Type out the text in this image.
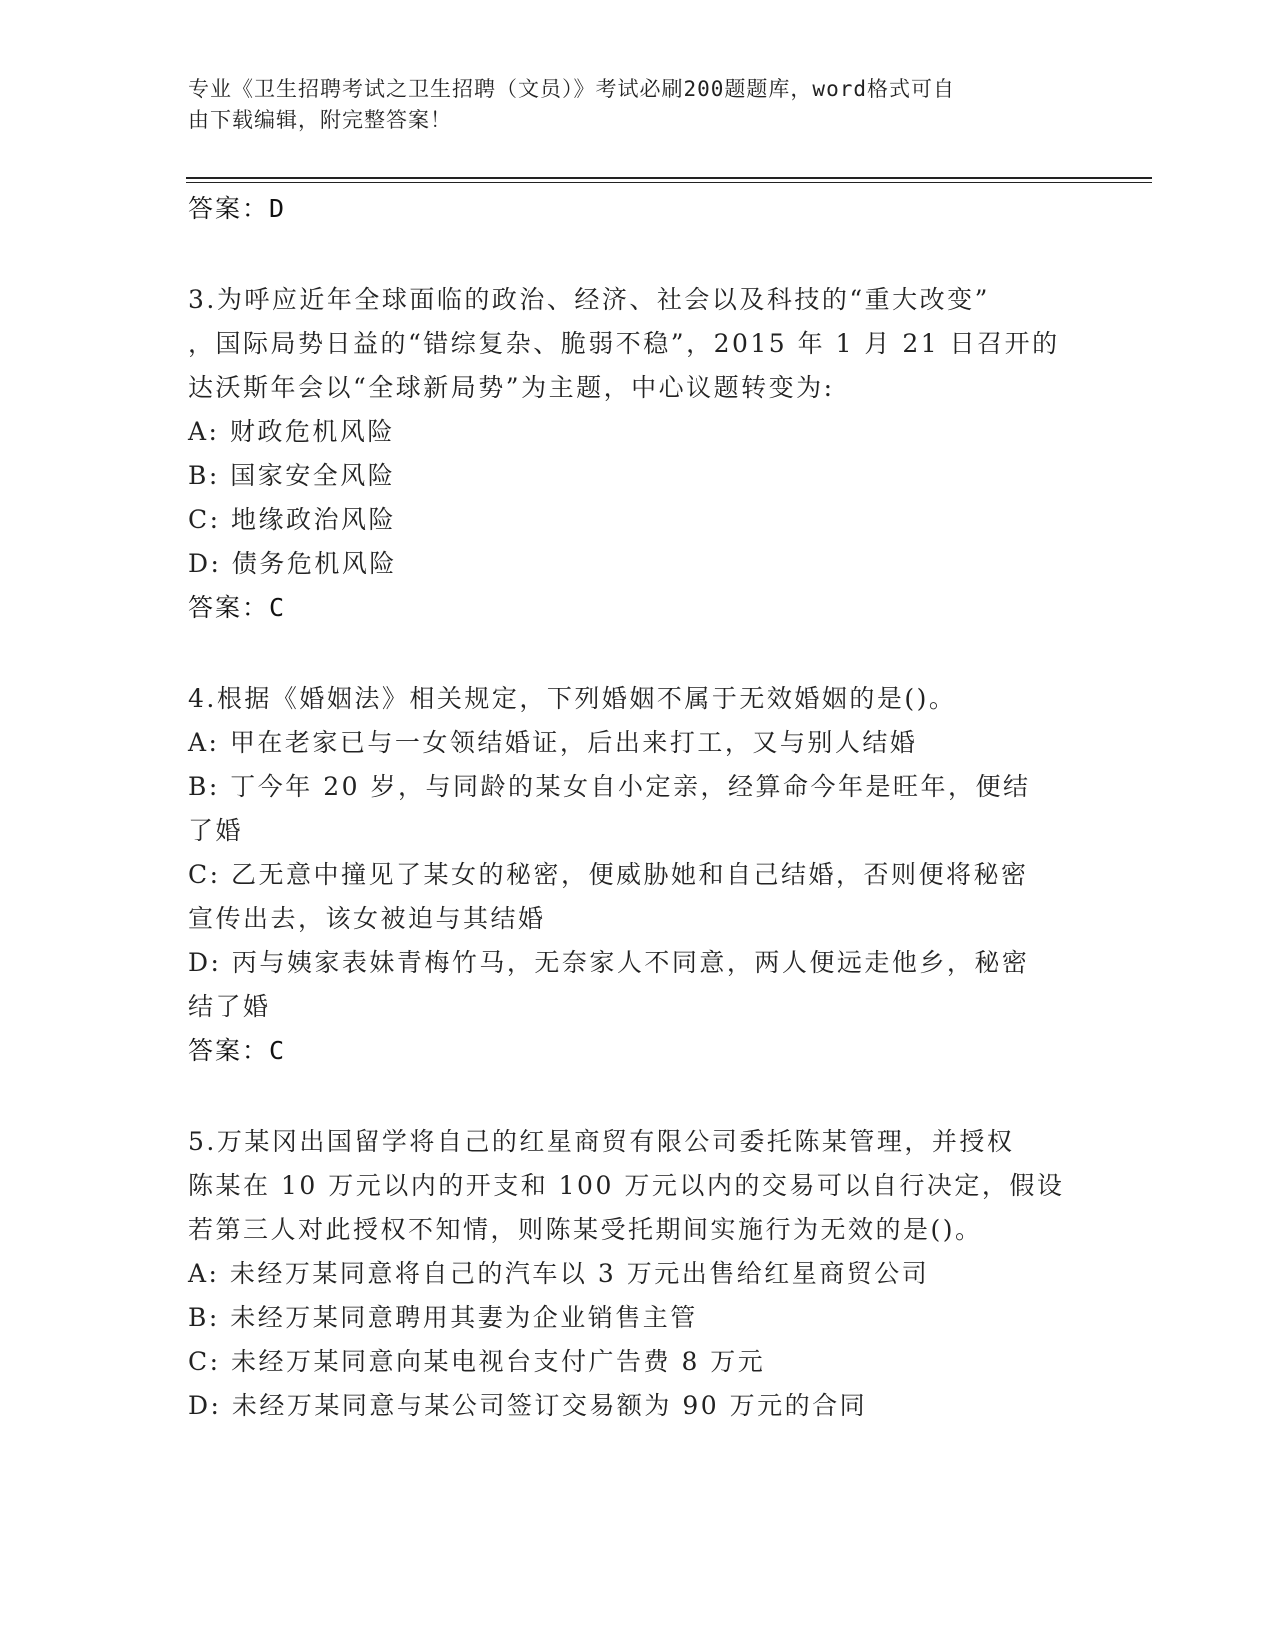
专业《卫生招聘考试之卫生招聘（文员）》考试必刷200题题库，word格式可自
由下载编辑，附完整答案！
答案：D
3.为呼应近年全球面临的政治、经济、社会以及科技的“重大改变”
，国际局势日益的“错综复杂、脆弱不稳”，2015 年 1 月 21 日召开的
达沃斯年会以“全球新局势”为主题，中心议题转变为:
A: 财政危机风险
B: 国家安全风险
C: 地缘政治风险
D: 债务危机风险
答案：C
4.根据《婚姻法》相关规定，下列婚姻不属于无效婚姻的是()。
A: 甲在老家已与一女领结婚证，后出来打工，又与别人结婚
B: 丁今年 20 岁，与同龄的某女自小定亲，经算命今年是旺年，便结
了婚
C: 乙无意中撞见了某女的秘密，便威胁她和自己结婚，否则便将秘密
宣传出去，该女被迫与其结婚
D: 丙与姨家表妹青梅竹马，无奈家人不同意，两人便远走他乡，秘密
结了婚
答案：C
5.万某冈出国留学将自己的红星商贸有限公司委托陈某管理，并授权
陈某在 10 万元以内的开支和 100 万元以内的交易可以自行决定，假设
若第三人对此授权不知情，则陈某受托期间实施行为无效的是()。
A: 未经万某同意将自己的汽车以 3 万元出售给红星商贸公司
B: 未经万某同意聘用其妻为企业销售主管
C: 未经万某同意向某电视台支付广告费 8 万元
D: 未经万某同意与某公司签订交易额为 90 万元的合同
